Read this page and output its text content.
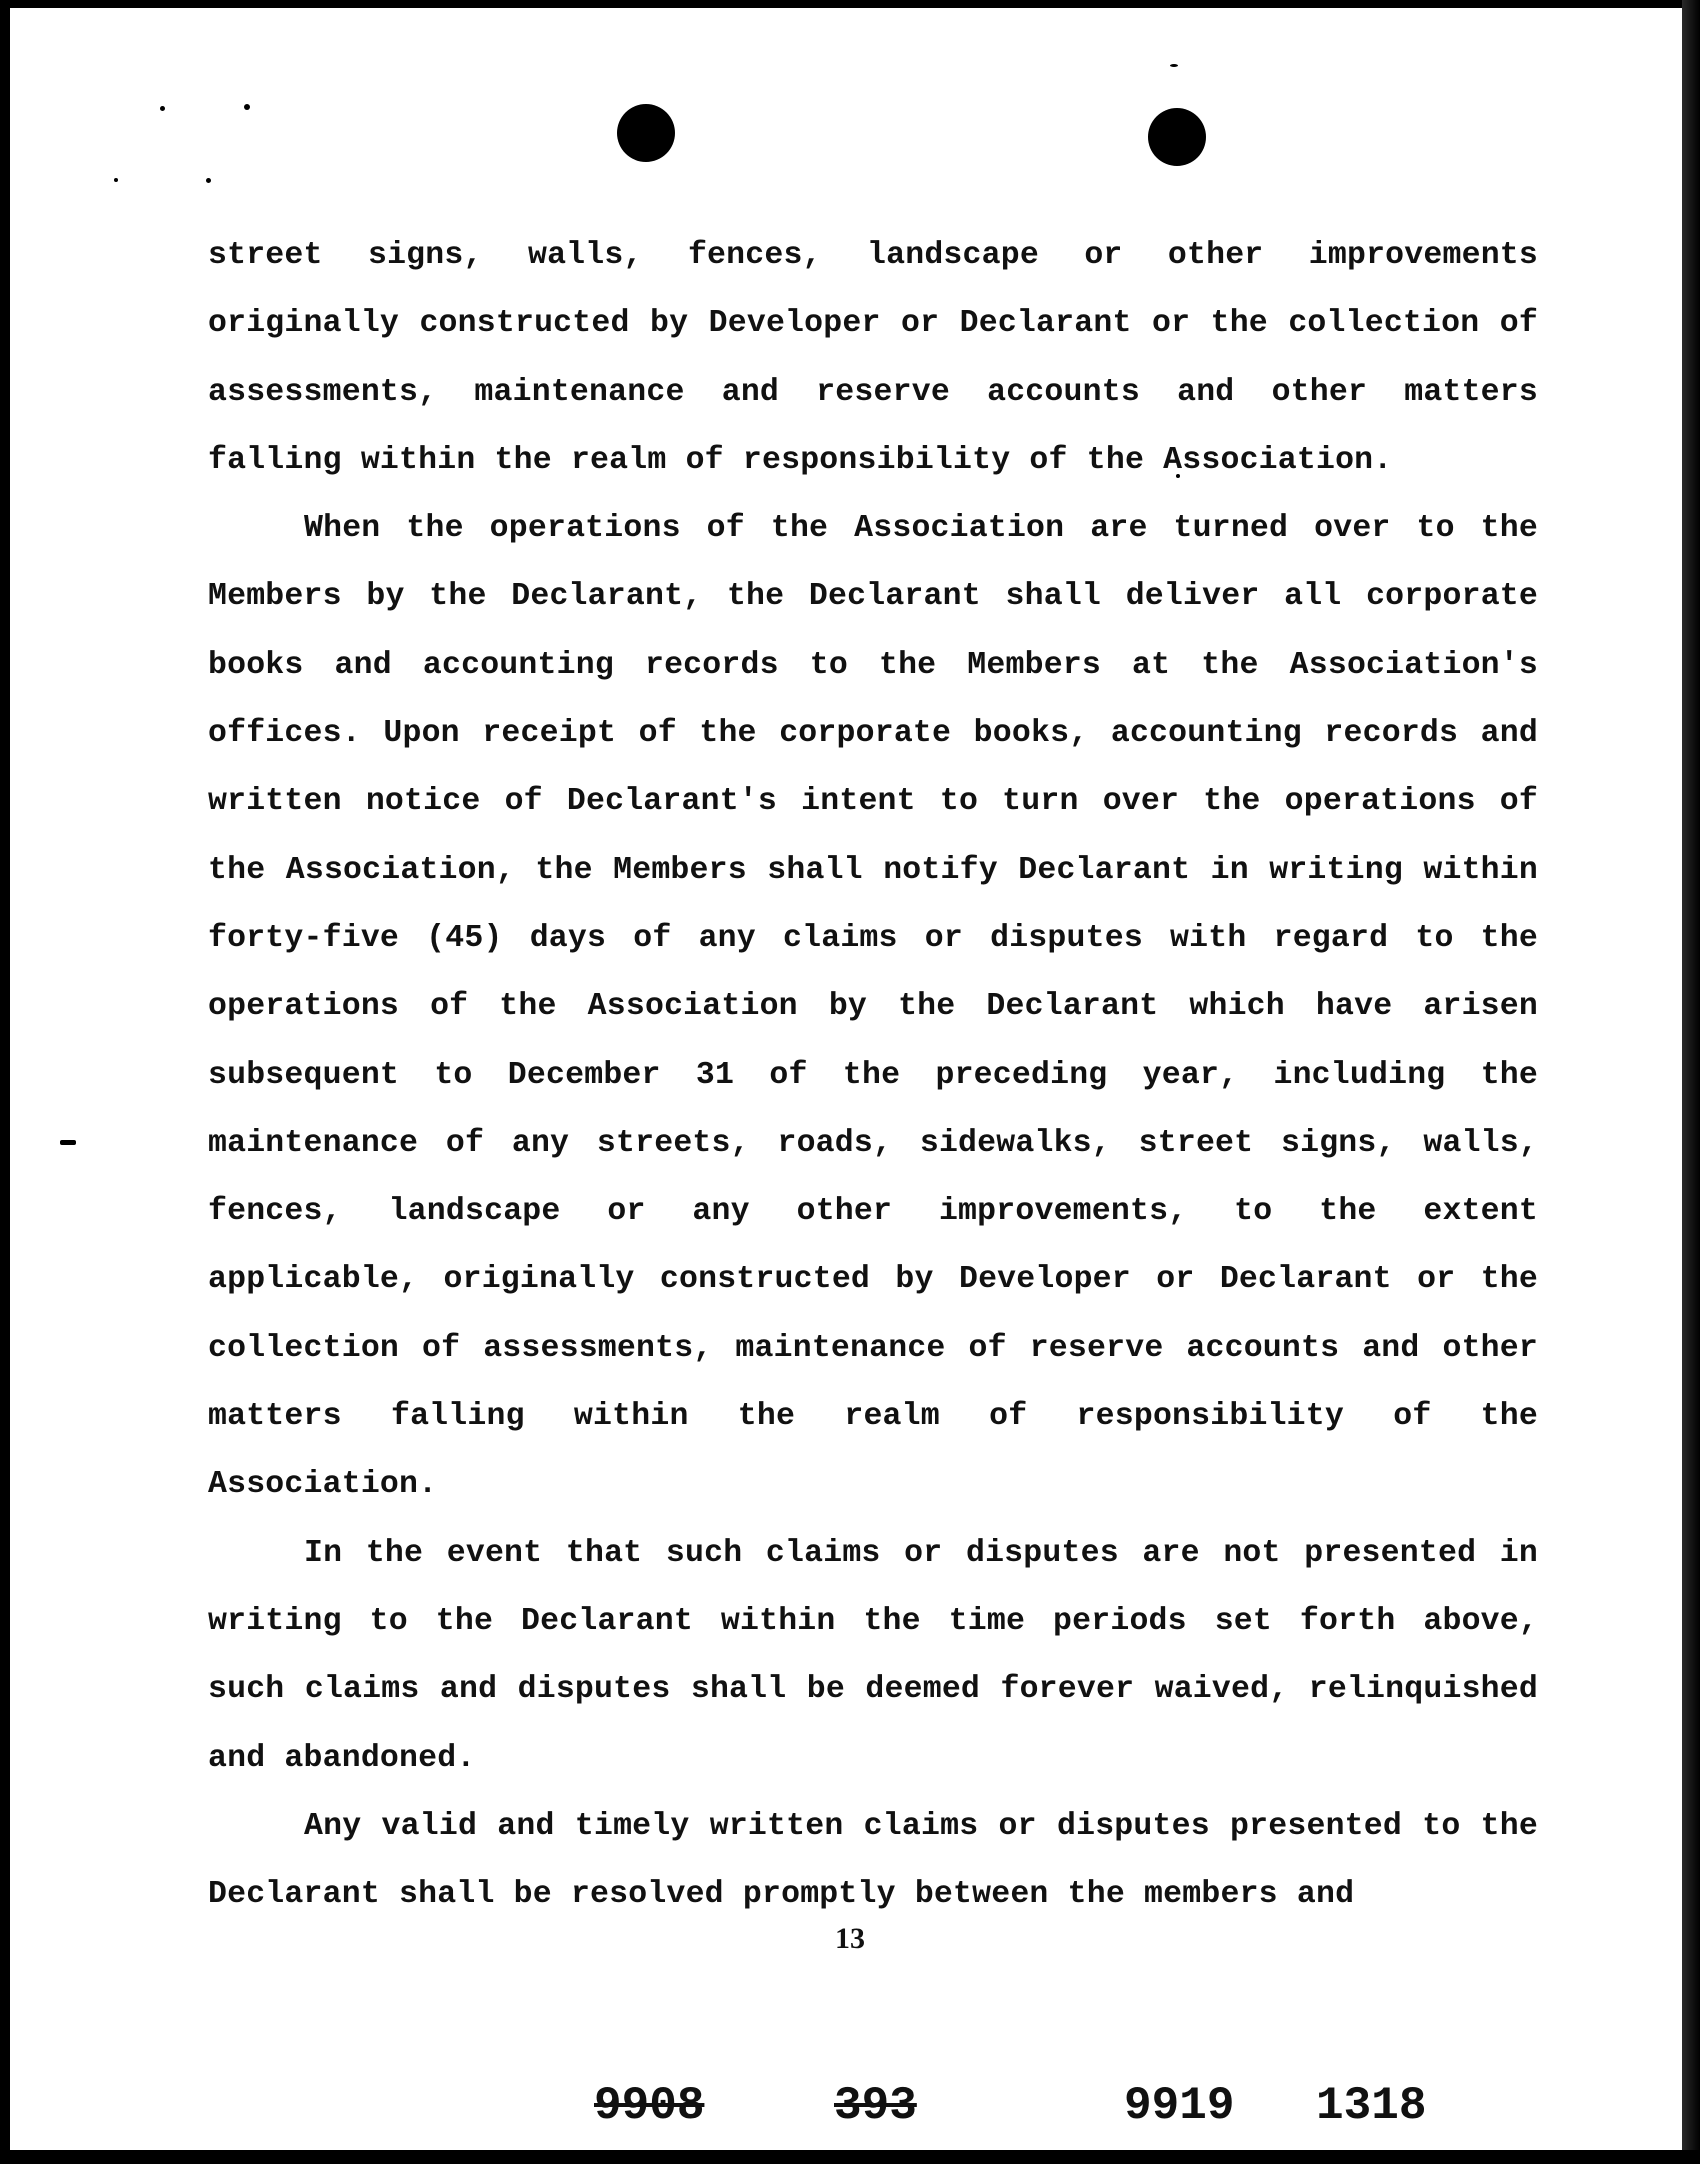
street signs, walls, fences, landscape or other improvements originally constructed by Developer or Declarant or the collection of assessments, maintenance and reserve accounts and other matters falling within the realm of responsibility of the Association.

When the operations of the Association are turned over to the Members by the Declarant, the Declarant shall deliver all corporate books and accounting records to the Members at the Association's offices. Upon receipt of the corporate books, accounting records and written notice of Declarant's intent to turn over the operations of the Association, the Members shall notify Declarant in writing within forty-five (45) days of any claims or disputes with regard to the operations of the Association by the Declarant which have arisen subsequent to December 31 of the preceding year, including the maintenance of any streets, roads, sidewalks, street signs, walls, fences, landscape or any other improvements, to the extent applicable, originally constructed by Developer or Declarant or the collection of assessments, maintenance of reserve accounts and other matters falling within the realm of responsibility of the Association.

In the event that such claims or disputes are not presented in writing to the Declarant within the time periods set forth above, such claims and disputes shall be deemed forever waived, relinquished and abandoned.

Any valid and timely written claims or disputes presented to the Declarant shall be resolved promptly between the members and

13
9908	393	9919 1318
